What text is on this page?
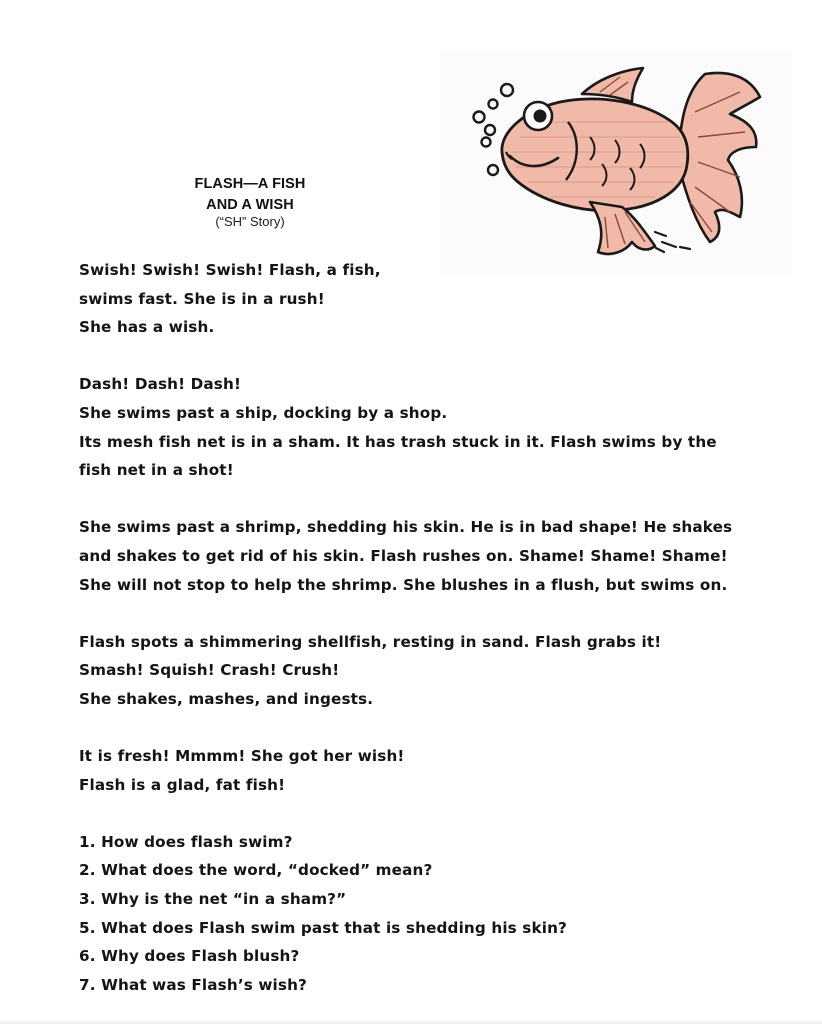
FLASH—A FISH
AND A WISH
(“SH” Story)
Swish! Swish! Swish! Flash, a fish,
swims fast. She is in a rush!
She has a wish.
Dash! Dash! Dash!
She swims past a ship, docking by a shop.
Its mesh fish net is in a sham. It has trash stuck in it. Flash swims by the
fish net in a shot!
She swims past a shrimp, shedding his skin. He is in bad shape! He shakes
and shakes to get rid of his skin. Flash rushes on. Shame! Shame! Shame!
She will not stop to help the shrimp. She blushes in a flush, but swims on.
Flash spots a shimmering shellfish, resting in sand. Flash grabs it!
Smash! Squish! Crash! Crush!
She shakes, mashes, and ingests.
It is fresh! Mmmm! She got her wish!
Flash is a glad, fat fish!
1. How does flash swim?
2. What does the word, “docked” mean?
3. Why is the net “in a sham?”
5. What does Flash swim past that is shedding his skin?
6. Why does Flash blush?
7. What was Flash’s wish?
